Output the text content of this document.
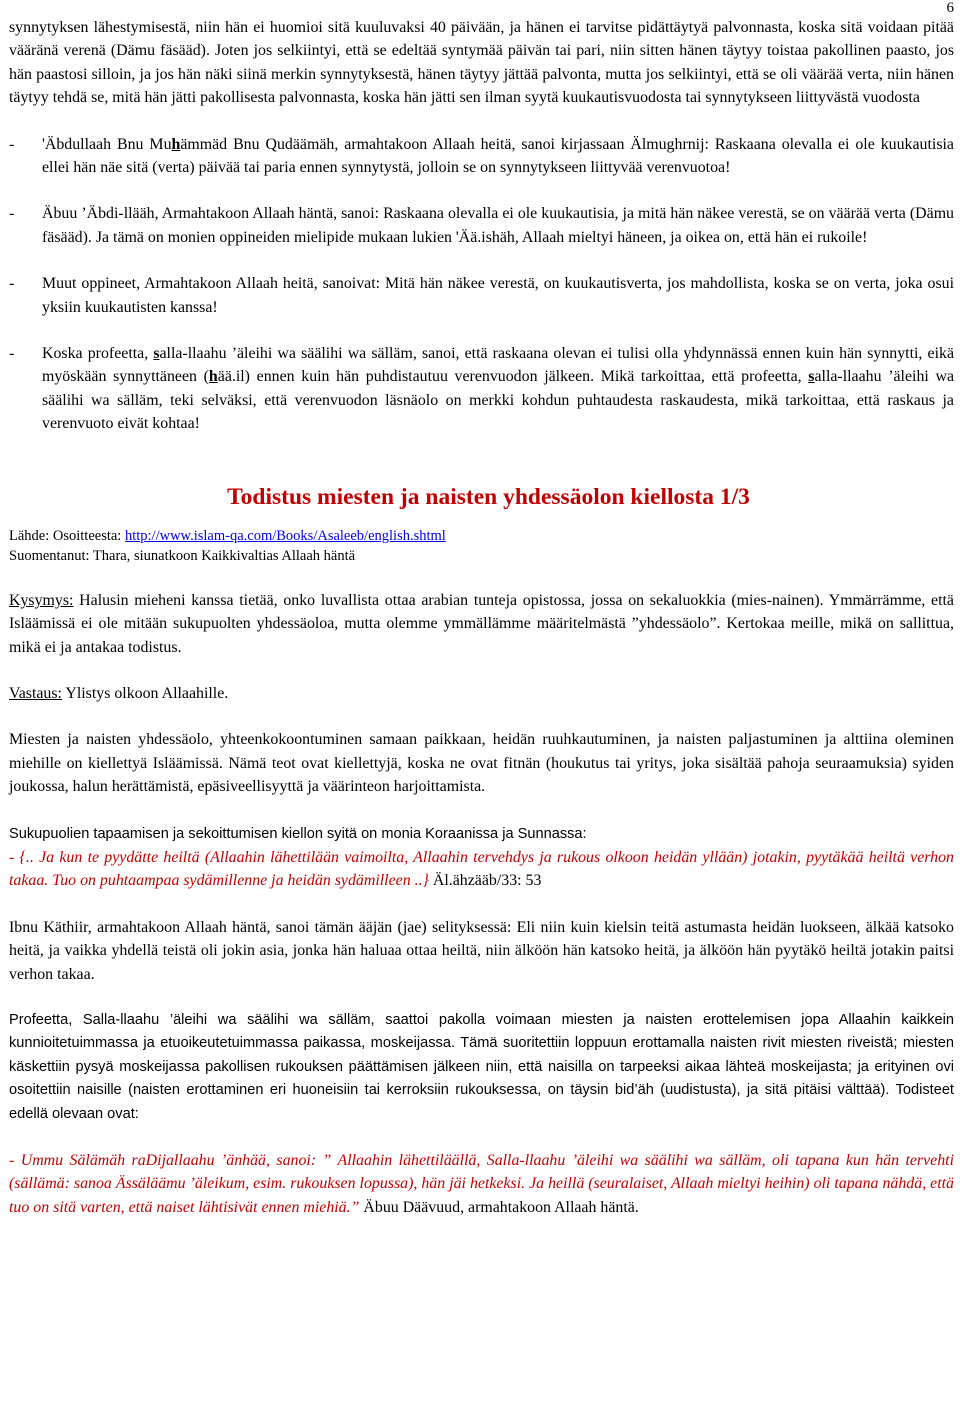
6

synnytyksen lähestymisestä, niin hän ei huomioi sitä kuuluvaksi 40 päivään, ja hänen ei tarvitse pidättäytyä palvonnasta, koska sitä voidaan pitää vääränä verenä (Dämu fäsääd). Joten jos selkiintyi, että se edeltää syntymää päivän tai pari, niin sitten hänen täytyy toistaa pakollinen paasto, jos hän paastosi silloin, ja jos hän näki siinä merkin synnytyksestä, hänen täytyy jättää palvonta, mutta jos selkiintyi, että se oli väärää verta, niin hänen täytyy tehdä se, mitä hän jätti pakollisesta palvonnasta, koska hän jätti sen ilman syytä kuukautisvuodosta tai synnytykseen liittyvästä vuodosta

-	'Äbdullaah Bnu Muhämmäd Bnu Qudäämäh, armahtakoon Allaah heitä, sanoi kirjassaan Älmughrnij: Raskaana olevalla ei ole kuukautisia ellei hän näe sitä (verta) päivää tai paria ennen synnytystä, jolloin se on synnytykseen liittyvää verenvuotoa!
-	Äbuu ’Äbdi-llääh, Armahtakoon Allaah häntä, sanoi: Raskaana olevalla ei ole kuukautisia, ja mitä hän näkee verestä, se on väärää verta (Dämu fäsääd). Ja tämä on monien oppineiden mielipide mukaan lukien 'Ää.ishäh, Allaah mieltyi häneen, ja oikea on, että hän ei rukoile!
-	Muut oppineet, Armahtakoon Allaah heitä, sanoivat: Mitä hän näkee verestä, on kuukautisverta, jos mahdollista, koska se on verta, joka osui yksiin kuukautisten kanssa!
-	Koska profeetta, salla-llaahu ’äleihi wa säälihi wa sälläm, sanoi, että raskaana olevan ei tulisi olla yhdynnässä ennen kuin hän synnytti, eikä myöskään synnyttäneen (hää.il) ennen kuin hän puhdistautuu verenvuodon jälkeen. Mikä tarkoittaa, että profeetta, salla-llaahu ’äleihi wa säälihi wa sälläm, teki selväksi, että verenvuodon läsnäolo on merkki kohdun puhtaudesta raskaudesta, mikä tarkoittaa, että raskaus ja verenvuoto eivät kohtaa!
Todistus miesten ja naisten yhdessäolon kiellosta 1/3
Lähde: Osoitteesta: http://www.islam-qa.com/Books/Asaleeb/english.shtml
Suomentanut: Thara, siunatkoon Kaikkivaltias Allaah häntä

Kysymys: Halusin mieheni kanssa tietää, onko luvallista ottaa arabian tunteja opistossa, jossa on sekaluokkia (mies-nainen). Ymmärrämme, että Isläämissä ei ole mitään sukupuolten yhdessäoloa, mutta olemme ymmällämme määritelmästä ”yhdessäolo”. Kertokaa meille, mikä on sallittua, mikä ei ja antakaa todistus.

Vastaus: Ylistys olkoon Allaahille.

Miesten ja naisten yhdessäolo, yhteenkokoontuminen samaan paikkaan, heidän ruuhkautuminen, ja naisten paljastuminen ja alttiina oleminen miehille on kiellettyä Isläämissä. Nämä teot ovat kiellettyjä, koska ne ovat fitnän (houkutus tai yritys, joka sisältää pahoja seuraamuksia) syiden joukossa, halun herättämistä, epäsiveellisyyttä ja väärinteon harjoittamista.

Sukupuolien tapaamisen ja sekoittumisen kiellon syitä on monia Koraanissa ja Sunnassa:
- {.. Ja kun te pyydätte heiltä (Allaahin lähettilään vaimoilta, Allaahin tervehdys ja rukous olkoon heidän yllään) jotakin, pyytäkää heiltä verhon takaa. Tuo on puhtaampaa sydämillenne ja heidän sydämilleen ..} Äl.ähzääb/33: 53

Ibnu Käthiir, armahtakoon Allaah häntä, sanoi tämän ääjän (jae) selityksessä: Eli niin kuin kielsin teitä astumasta heidän luokseen, älkää katsoko heitä, ja vaikka yhdellä teistä oli jokin asia, jonka hän haluaa ottaa heiltä, niin älköön hän katsoko heitä, ja älköön hän pyytäkö heiltä jotakin paitsi verhon takaa.

Profeetta, Salla-llaahu ’äleihi wa säälihi wa sälläm, saattoi pakolla voimaan miesten ja naisten erottelemisen jopa Allaahin kaikkein kunnioitetuimmassa ja etuoikeutetuimmassa paikassa, moskeijassa. Tämä suoritettiin loppuun erottamalla naisten rivit miesten riveistä; miesten käskettiin pysyä moskeijassa pakollisen rukouksen päättämisen jälkeen niin, että naisilla on tarpeeksi aikaa lähteä moskeijasta; ja erityinen ovi osoitettiin naisille (naisten erottaminen eri huoneisiin tai kerroksiin rukouksessa, on täysin bid’äh (uudistusta), ja sitä pitäisi välttää). Todisteet edellä olevaan ovat:

- Ummu Sälämäh raDijallaahu ’änhää, sanoi: ” Allaahin lähettiläällä, Salla-llaahu ’äleihi wa säälihi wa sälläm, oli tapana kun hän tervehti (sällämä: sanoa Ässäläämu ’äleikum, esim. rukouksen lopussa), hän jäi hetkeksi. Ja heillä (seuralaiset, Allaah mieltyi heihin) oli tapana nähdä, että tuo on sitä varten, että naiset lähtisivät ennen miehiä.” Äbuu Däävuud, armahtakoon Allaah häntä.
